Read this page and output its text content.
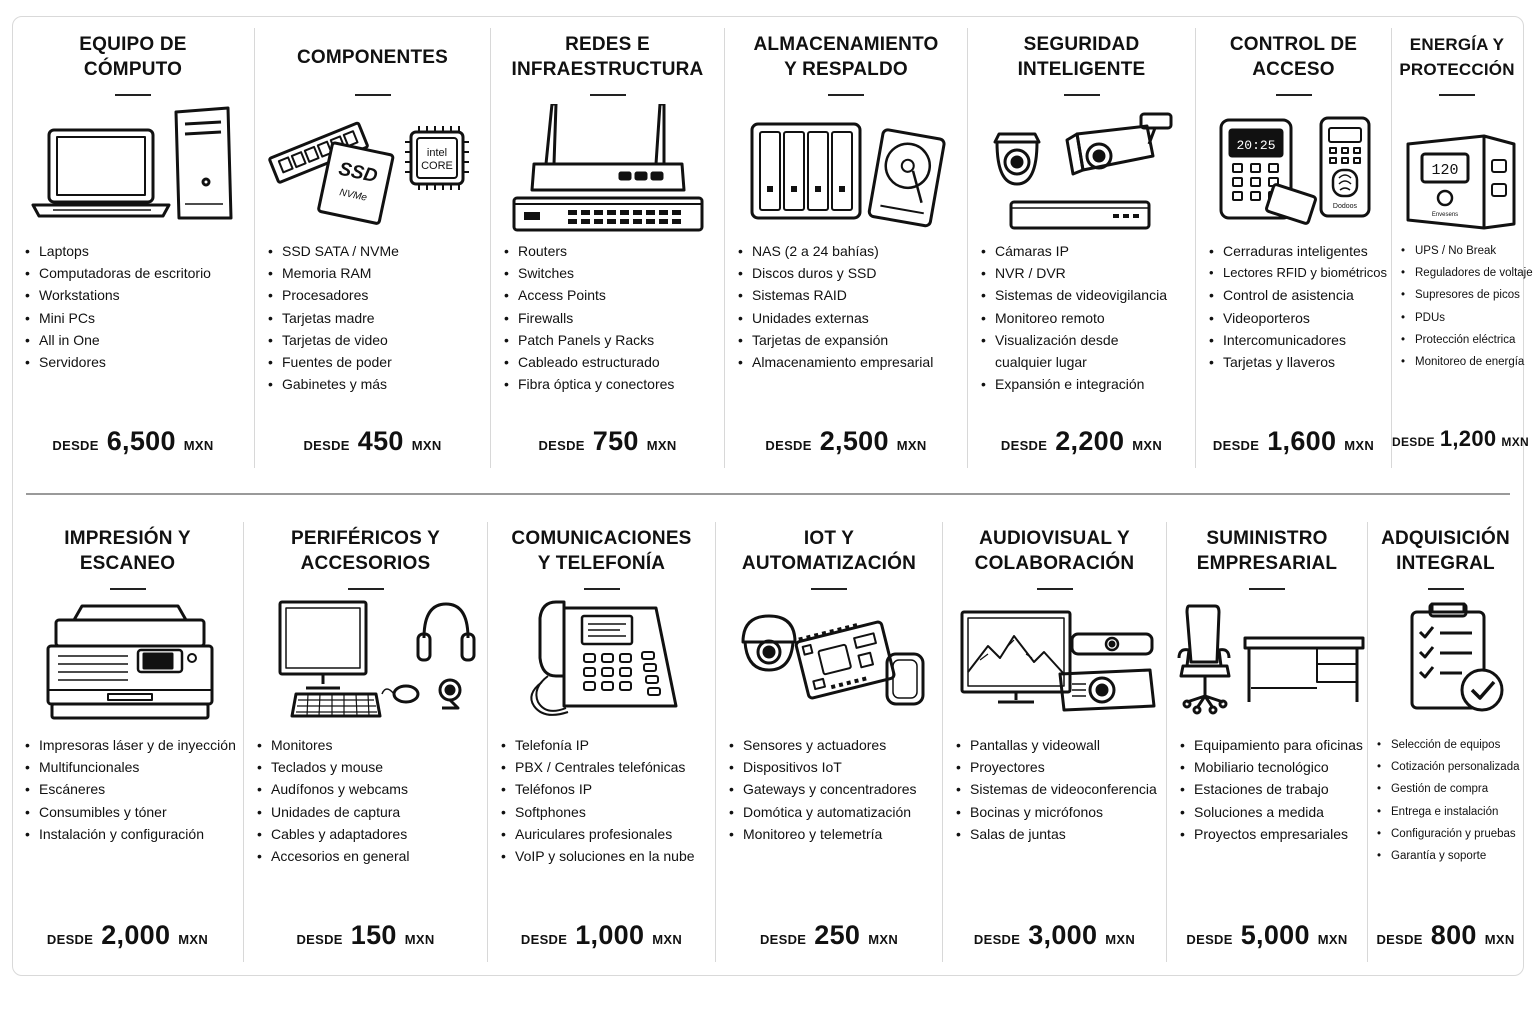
EQUIPO DE
CÓMPUTO
• Laptops
• Computadoras de escritorio
• Workstations
• Mini PCs
• All in One
• Servidores
DESDE 6,500 MXN
COMPONENTES
SSD
NVMe
intel
CORE
• SSD SATA / NVMe
• Memoria RAM
• Procesadores
• Tarjetas madre
• Tarjetas de video
• Fuentes de poder
• Gabinetes y más
DESDE 450 MXN
REDES E
INFRAESTRUCTURA
• Routers
• Switches
• Access Points
• Firewalls
• Patch Panels y Racks
• Cableado estructurado
• Fibra óptica y conectores
DESDE 750 MXN
ALMACENAMIENTO
Y RESPALDO
• NAS (2 a 24 bahías)
• Discos duros y SSD
• Sistemas RAID
• Unidades externas
• Tarjetas de expansión
• Almacenamiento empresarial
DESDE 2,500 MXN
SEGURIDAD
INTELIGENTE
• Cámaras IP
• NVR / DVR
• Sistemas de videovigilancia
• Monitoreo remoto
• Visualización desde
cualquier lugar
• Expansión e integración
DESDE 2,200 MXN
CONTROL DE
ACCESO
20:25
Dodoos
• Cerraduras inteligentes
• Lectores RFID y biométricos
• Control de asistencia
• Videoporteros
• Intercomunicadores
• Tarjetas y llaveros
DESDE 1,600 MXN
ENERGÍA Y
PROTECCIÓN
120
Envesens
• UPS / No Break
• Reguladores de voltaje
• Supresores de picos
• PDUs
• Protección eléctrica
• Monitoreo de energía
DESDE 1,200 MXN
IMPRESIÓN Y
ESCANEO
• Impresoras láser y de inyección
• Multifuncionales
• Escáneres
• Consumibles y tóner
• Instalación y configuración
DESDE 2,000 MXN
PERIFÉRICOS Y
ACCESORIOS
• Monitores
• Teclados y mouse
• Audífonos y webcams
• Unidades de captura
• Cables y adaptadores
• Accesorios en general
DESDE 150 MXN
COMUNICACIONES
Y TELEFONÍA
• Telefonía IP
• PBX / Centrales telefónicas
• Teléfonos IP
• Softphones
• Auriculares profesionales
• VoIP y soluciones en la nube
DESDE 1,000 MXN
IOT Y
AUTOMATIZACIÓN
• Sensores y actuadores
• Dispositivos IoT
• Gateways y concentradores
• Domótica y automatización
• Monitoreo y telemetría
DESDE 250 MXN
AUDIOVISUAL Y
COLABORACIÓN
• Pantallas y videowall
• Proyectores
• Sistemas de videoconferencia
• Bocinas y micrófonos
• Salas de juntas
DESDE 3,000 MXN
SUMINISTRO
EMPRESARIAL
• Equipamiento para oficinas
• Mobiliario tecnológico
• Estaciones de trabajo
• Soluciones a medida
• Proyectos empresariales
DESDE 5,000 MXN
ADQUISICIÓN
INTEGRAL
• Selección de equipos
• Cotización personalizada
• Gestión de compra
• Entrega e instalación
• Configuración y pruebas
• Garantía y soporte
DESDE 800 MXN
